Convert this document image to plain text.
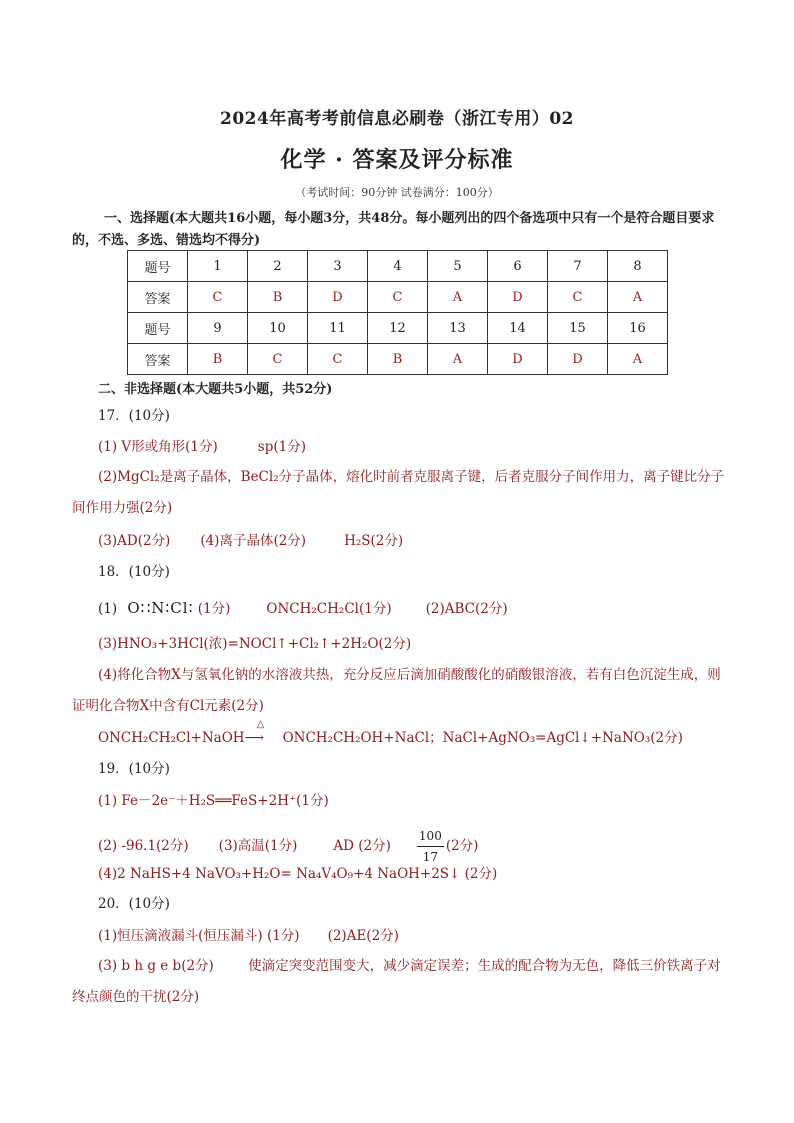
2024年高考考前信息必刷卷（浙江专用）02
化学 · 答案及评分标准
（考试时间：90分钟 试卷满分：100分）
一、选择题(本大题共16小题，每小题3分，共48分。每小题列出的四个备选项中只有一个是符合题目要求的，不选、多选、错选均不得分)
题号	1	2	3	4	5	6	7	8
答案	C	B	D	C	A	D	C	A
题号	9	10	11	12	13	14	15	16
答案	B	C	C	B	A	D	D	A
二、非选择题(本大题共5小题，共52分)
17．(10分)
(1) V形或角形(1分)	sp(1分)
(2)MgCl₂是离子晶体，BeCl₂分子晶体，熔化时前者克服离子键，后者克服分子间作用力，离子键比分子间作用力强(2分)
(3)AD(2分) (4)离子晶体(2分)	H₂S(2分)
18．(10分)
(1) O∷N∶Cl∶ (1分)	ONCH₂CH₂Cl(1分)	(2)ABC(2分)
(3)HNO₃+3HCl(浓)=NOCl↑+Cl₂↑+2H₂O(2分)
(4)将化合物X与氢氧化钠的水溶液共热，充分反应后滴加硝酸酸化的硝酸银溶液，若有白色沉淀生成，则证明化合物X中含有Cl元素(2分)
ONCH₂CH₂Cl+NaOH
△
⟶ ONCH₂CH₂OH+NaCl；NaCl+AgNO₃=AgCl↓+NaNO₃(2分)
19．(10分)
(1) Fe－2e⁻＋H₂S══FeS+2H⁺(1分)
(2) -96.1(2分) (3)高温(1分)	AD (2分) $\frac{100}{17} (2$分)
(4)2 NaHS+4 NaVO₃+H₂O= Na₄V₄O₉+4 NaOH+2S↓ (2分)
20．(10分)
(1)恒压滴液漏斗(恒压漏斗) (1分) (2)AE(2分)
(3) b h g e b(2分)        使滴定突变范围变大，减少滴定误差；生成的配合物为无色，降低三价铁离子对终点颜色的干扰(2分)
